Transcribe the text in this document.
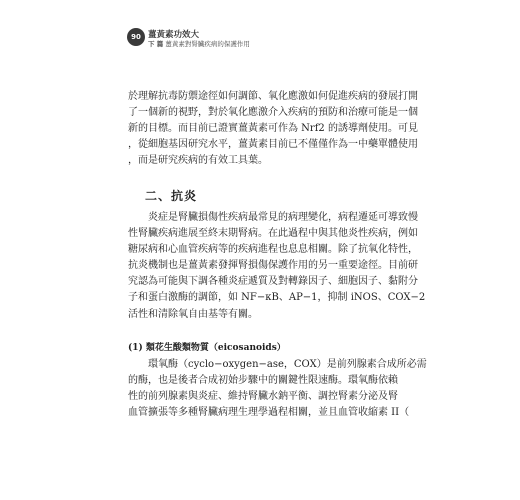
90 薑黃素功效大
下 篇 薑黃素對腎臟疾病的保護作用
於理解抗毒防禦途徑如何調節、氧化應激如何促進疾病的發展打開
了一個新的視野，對於氧化應激介入疾病的預防和治療可能是一個
新的目標。而目前已證實薑黃素可作為 Nrf2 的誘導劑使用。可見
，從細胞基因研究水平，薑黃素目前已不僅僅作為一中藥單體使用
，而是研究疾病的有效工具葉。
二、抗炎
炎症是腎臟損傷性疾病最常見的病理變化，病程遷延可導致慢
性腎臟疾病進展至終末期腎病。在此過程中與其他炎性疾病，例如
糖尿病和心血管疾病等的疾病進程也息息相關。除了抗氧化特性，
抗炎機制也是薑黃素發揮腎損傷保護作用的另一重要途徑。目前研
究認為可能與下調各種炎症遞質及對轉錄因子、細胞因子、黏附分
子和蛋白激酶的調節，如 NF−κB、AP−1，抑制 iNOS、COX−2
活性和清除氧自由基等有關。
(1) 類花生酸類物質（eicosanoids）
環氧酶（cyclo−oxygen−ase，COX）是前列腺素合成所必需
的酶，也是後者合成初始步驟中的關鍵性限速酶。環氧酶依賴
性的前列腺素與炎症、維持腎臟水鈉平衡、調控腎素分泌及腎
血管擴張等多種腎臟病理生理學過程相關，並且血管收縮素 II（
